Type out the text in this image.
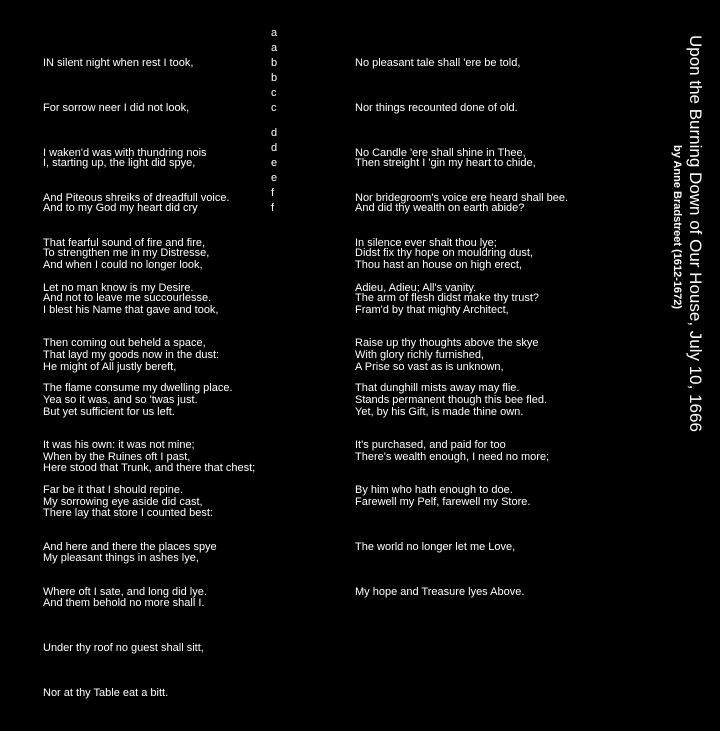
IN silent night when rest I took,

For sorrow neer I did not look,

I waken'd was with thundring nois

And Piteous shreiks of dreadfull voice.

That fearful sound of fire and fire,

Let no man know is my Desire.

a
a
b
b
c
c

I, starting up, the light did spye,

And to my God my heart did cry

To strengthen me in my Distresse,

And not to leave me succourlesse.

Then coming out beheld a space,

The flame consume my dwelling place.

d
d
e
e
f
f

And when I could no longer look,

I blest his Name that gave and took,

That layd my goods now in the dust:

Yea so it was, and so 'twas just.

It was his own: it was not mine;

Far be it that I should repine.

He might of All justly bereft,

But yet sufficient for us left.

When by the Ruines oft I past,

My sorrowing eye aside did cast,

And here and there the places spye

Where oft I sate, and long did lye.

Here stood that Trunk, and there that chest;

There lay that store I counted best:

My pleasant things in ashes lye,

And them behold no more shall I.

Under thy roof no guest shall sitt,

Nor at thy Table eat a bitt.

No pleasant tale shall 'ere be told,

Nor things recounted done of old.

No Candle 'ere shall shine in Thee,

Nor bridegroom's voice ere heard shall bee.

In silence ever shalt thou lye;

Adieu, Adieu; All's vanity.

Then streight I 'gin my heart to chide,

And did thy wealth on earth abide?

Didst fix thy hope on mouldring dust,

The arm of flesh didst make thy trust?

Raise up thy thoughts above the skye

That dunghill mists away may flie.

Thou hast an house on high erect,

Fram'd by that mighty Architect,

With glory richly furnished,

Stands permanent though this bee fled.

It's purchased, and paid for too

By him who hath enough to doe.

A Prise so vast as is unknown,

Yet, by his Gift, is made thine own.

There's wealth enough, I need no more;

Farewell my Pelf, farewell my Store.

The world no longer let me Love,

My hope and Treasure lyes Above.

Upon the Burning Down of Our House, July 10, 1666
by Anne Bradstreet (1612-1672)
